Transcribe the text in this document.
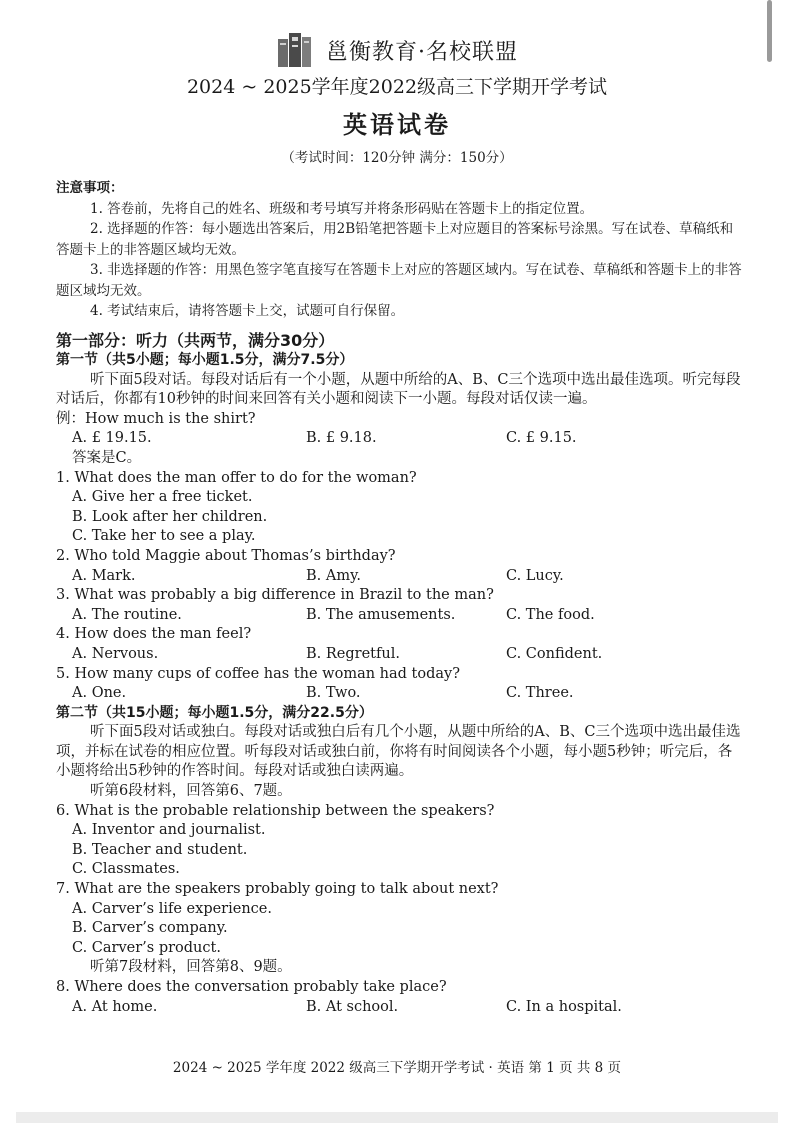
邕衡教育·名校联盟
2024 ~ 2025学年度2022级高三下学期开学考试
英语试卷
（考试时间：120分钟 满分：150分）
注意事项：
1. 答卷前，先将自己的姓名、班级和考号填写并将条形码贴在答题卡上的指定位置。
2. 选择题的作答：每小题选出答案后，用2B铅笔把答题卡上对应题目的答案标号涂黑。写在试卷、草稿纸和答题卡上的非答题区域均无效。
3. 非选择题的作答：用黑色签字笔直接写在答题卡上对应的答题区域内。写在试卷、草稿纸和答题卡上的非答题区域均无效。
4. 考试结束后，请将答题卡上交，试题可自行保留。
第一部分：听力（共两节，满分30分）
第一节（共5小题；每小题1.5分，满分7.5分）
听下面5段对话。每段对话后有一个小题，从题中所给的A、B、C三个选项中选出最佳选项。听完每段对话后，你都有10秒钟的时间来回答有关小题和阅读下一小题。每段对话仅读一遍。
例：How much is the shirt?
A. £ 19.15.	B. £ 9.18.	C. £ 9.15.
答案是C。
1. What does the man offer to do for the woman?
A. Give her a free ticket.
B. Look after her children.
C. Take her to see a play.
2. Who told Maggie about Thomas’s birthday?
A. Mark.	B. Amy.	C. Lucy.
3. What was probably a big difference in Brazil to the man?
A. The routine.	B. The amusements.	C. The food.
4. How does the man feel?
A. Nervous.	B. Regretful.	C. Confident.
5. How many cups of coffee has the woman had today?
A. One.	B. Two.	C. Three.
第二节（共15小题；每小题1.5分，满分22.5分）
听下面5段对话或独白。每段对话或独白后有几个小题，从题中所给的A、B、C三个选项中选出最佳选项，并标在试卷的相应位置。听每段对话或独白前，你将有时间阅读各个小题，每小题5秒钟；听完后，各小题将给出5秒钟的作答时间。每段对话或独白读两遍。
听第6段材料，回答第6、7题。
6. What is the probable relationship between the speakers?
A. Inventor and journalist.
B. Teacher and student.
C. Classmates.
7. What are the speakers probably going to talk about next?
A. Carver’s life experience.
B. Carver’s company.
C. Carver’s product.
听第7段材料，回答第8、9题。
8. Where does the conversation probably take place?
A. At home.	B. At school.	C. In a hospital.
2024 ~ 2025 学年度 2022 级高三下学期开学考试 · 英语 第 1 页 共 8 页
